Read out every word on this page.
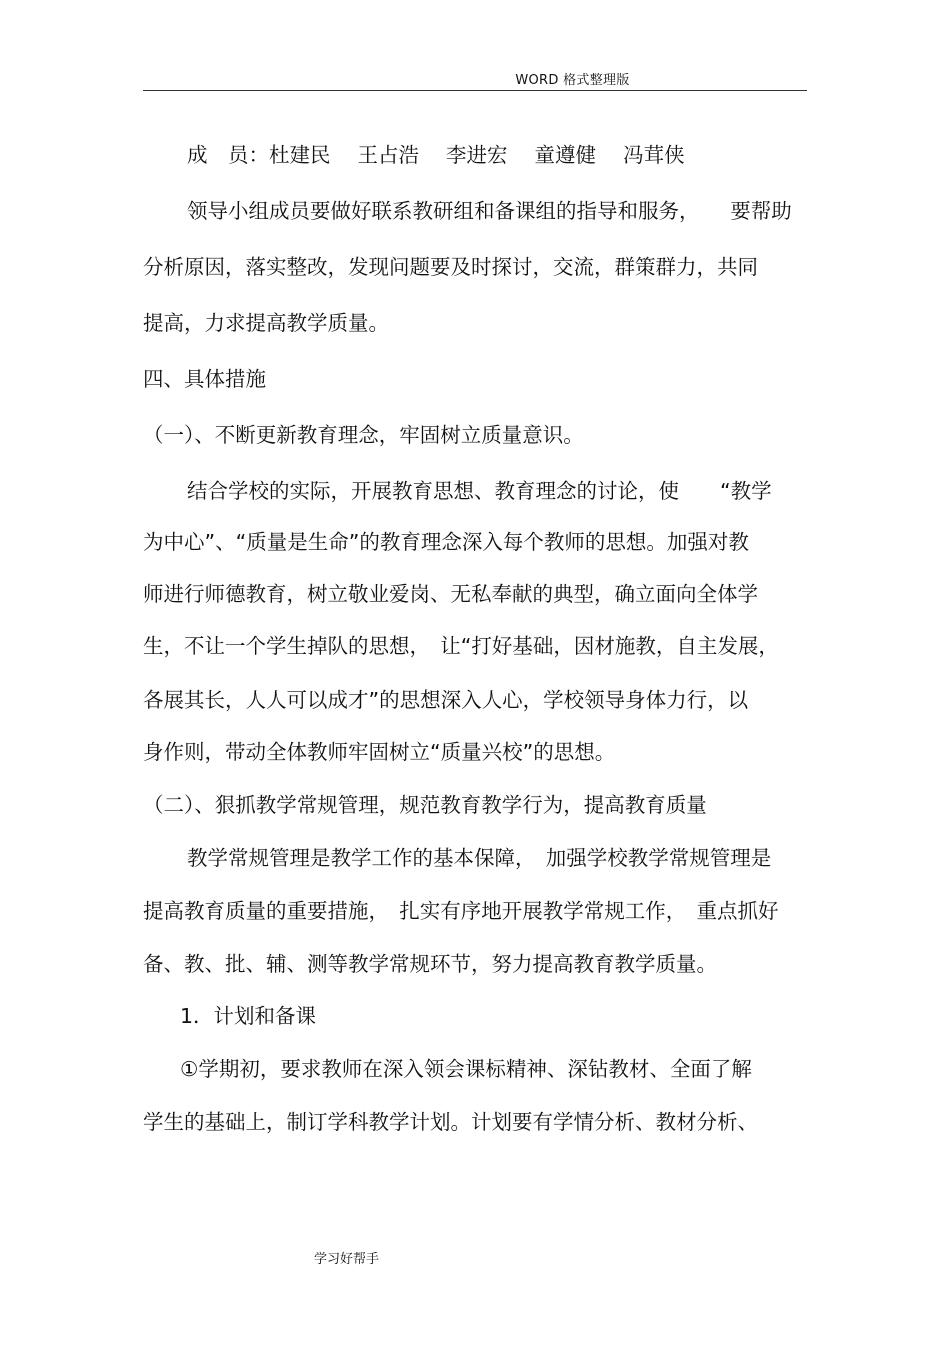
WORD 格式整理版
成　员：杜建民　 王占浩　 李进宏　 童遵健　 冯茸侠
领导小组成员要做好联系教研组和备课组的指导和服务，　　要帮助
分析原因，落实整改，发现问题要及时探讨，交流，群策群力，共同
提高，力求提高教学质量。
四、具体措施
（一）、不断更新教育理念，牢固树立质量意识。
结合学校的实际，开展教育思想、教育理念的讨论，使　　“教学
为中心”、“质量是生命”的教育理念深入每个教师的思想。加强对教
师进行师德教育，树立敬业爱岗、无私奉献的典型，确立面向全体学
生，不让一个学生掉队的思想，　让“打好基础，因材施教，自主发展，
各展其长，人人可以成才”的思想深入人心，学校领导身体力行，以
身作则，带动全体教师牢固树立“质量兴校”的思想。
（二）、狠抓教学常规管理，规范教育教学行为，提高教育质量
教学常规管理是教学工作的基本保障，　加强学校教学常规管理是
提高教育质量的重要措施，　扎实有序地开展教学常规工作，　重点抓好
备、教、批、辅、测等教学常规环节，努力提高教育教学质量。
1．计划和备课
①学期初，要求教师在深入领会课标精神、深钻教材、全面了解
学生的基础上，制订学科教学计划。计划要有学情分析、教材分析、
学习好帮手
